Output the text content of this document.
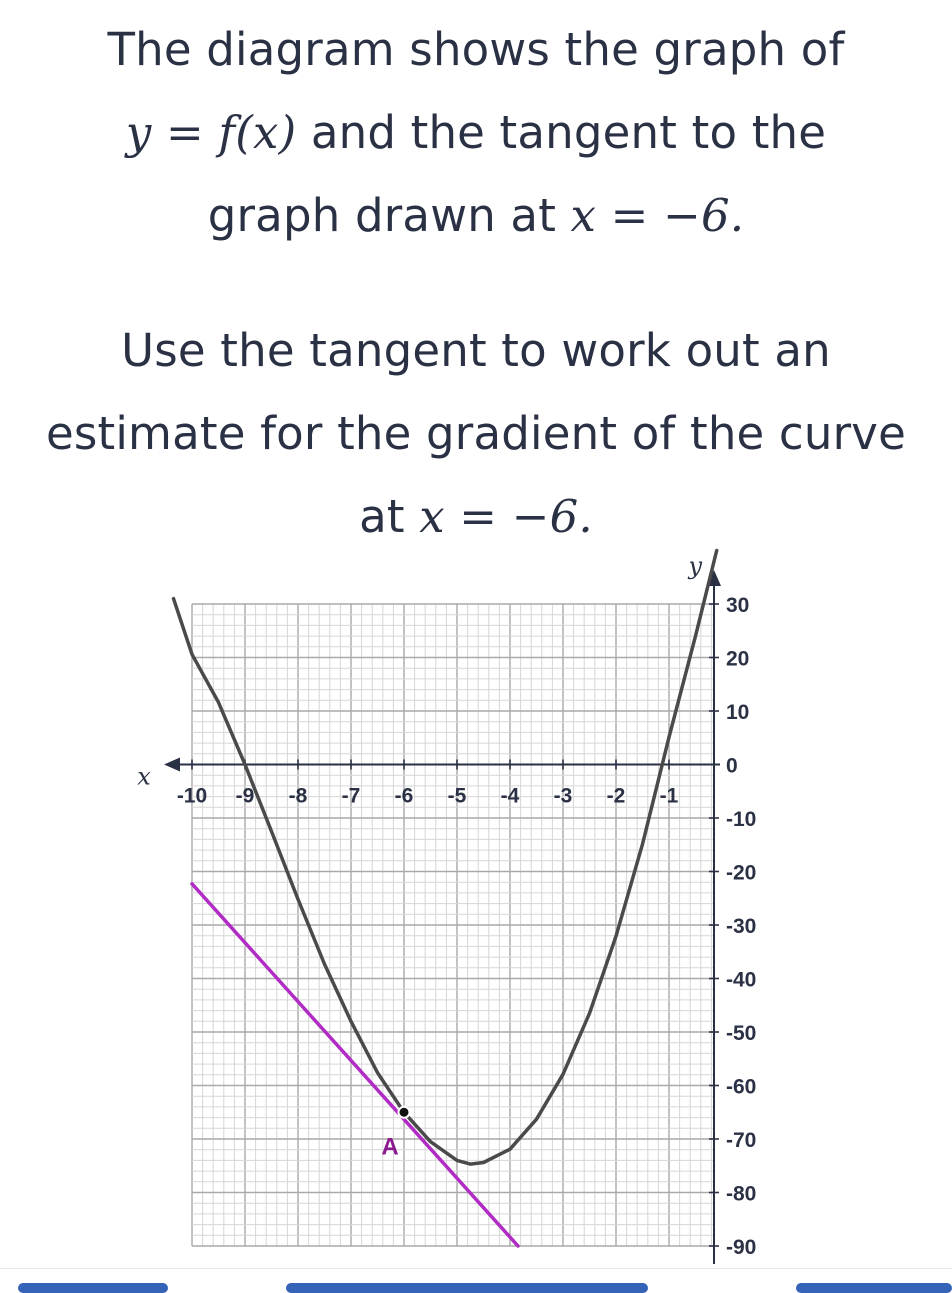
The diagram shows the graph of
y = f(x) and the tangent to the
graph drawn at x = −6.
Use the tangent to work out an
estimate for the gradient of the curve
at x = −6.
y
x
-10 -9 -8 -7 -6 -5 -4 -3 -2 -1
30
20
10
0
-10
-20
-30
-40
-50
-60
-70
-80
-90
A
